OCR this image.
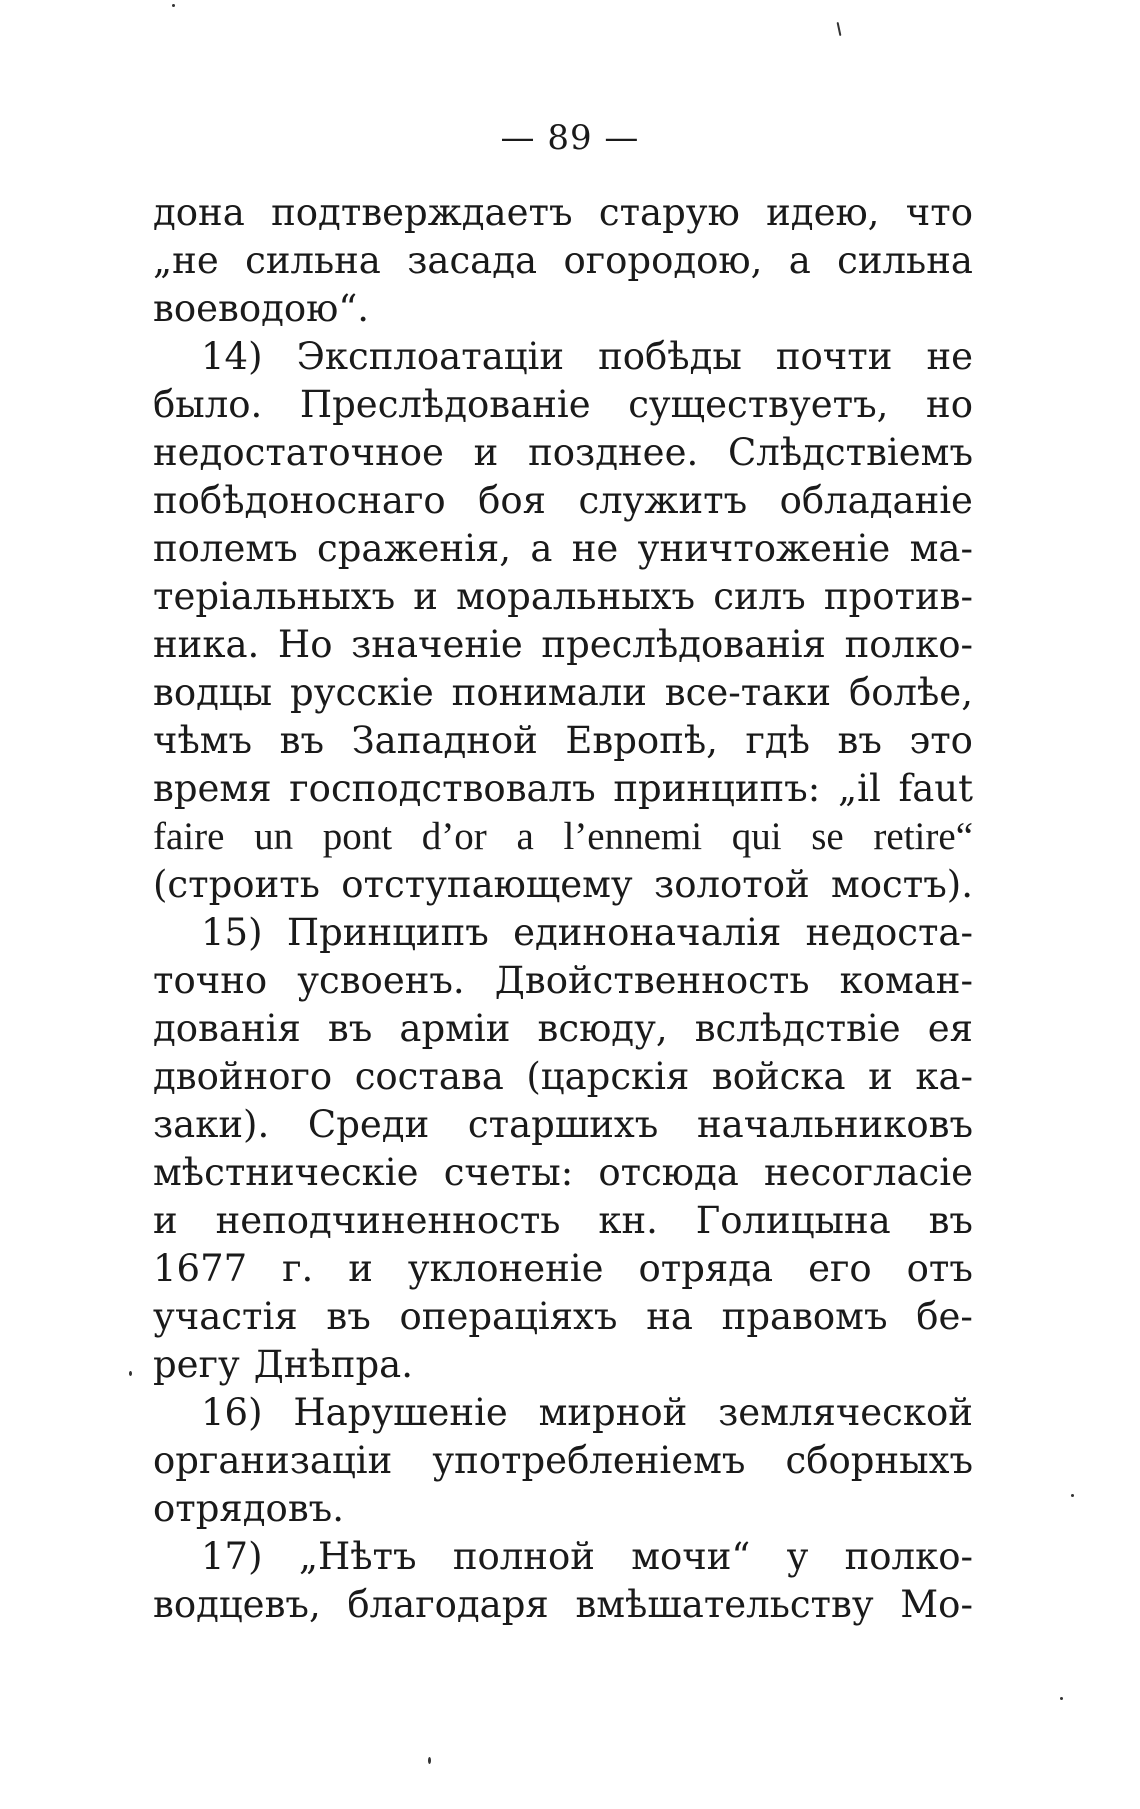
— 89 —
дона подтверждаетъ старую идею, что
„не сильна засада огородою, а сильна
воеводою“.
14) Эксплоатаціи побѣды почти не
было. Преслѣдованіе существуетъ, но
недостаточное и позднее. Слѣдствіемъ
побѣдоноснаго боя служитъ обладаніе
полемъ сраженія, а не уничтоженіе ма-
теріальныхъ и моральныхъ силъ против-
ника. Но значеніе преслѣдованія полко-
водцы русскіе понимали все-таки болѣе,
чѣмъ въ Западной Европѣ, гдѣ въ это
время господствовалъ принципъ: „il faut
faire un pont d’or a l’ennemi qui se retire“
(строить отступающему золотой мостъ).
15) Принципъ единоначалія недоста-
точно усвоенъ. Двойственность коман-
дованія въ арміи всюду, вслѣдствіе ея
двойного состава (царскія войска и ка-
заки). Среди старшихъ начальниковъ
мѣстническіе счеты: отсюда несогласіе
и неподчиненность кн. Голицына въ
1677 г. и уклоненіе отряда его отъ
участія въ операціяхъ на правомъ бе-
регу Днѣпра.
16) Нарушеніе мирной земляческой
организаціи употребленіемъ сборныхъ
отрядовъ.
17) „Нѣтъ полной мочи“ у полко-
водцевъ, благодаря вмѣшательству Мо-
